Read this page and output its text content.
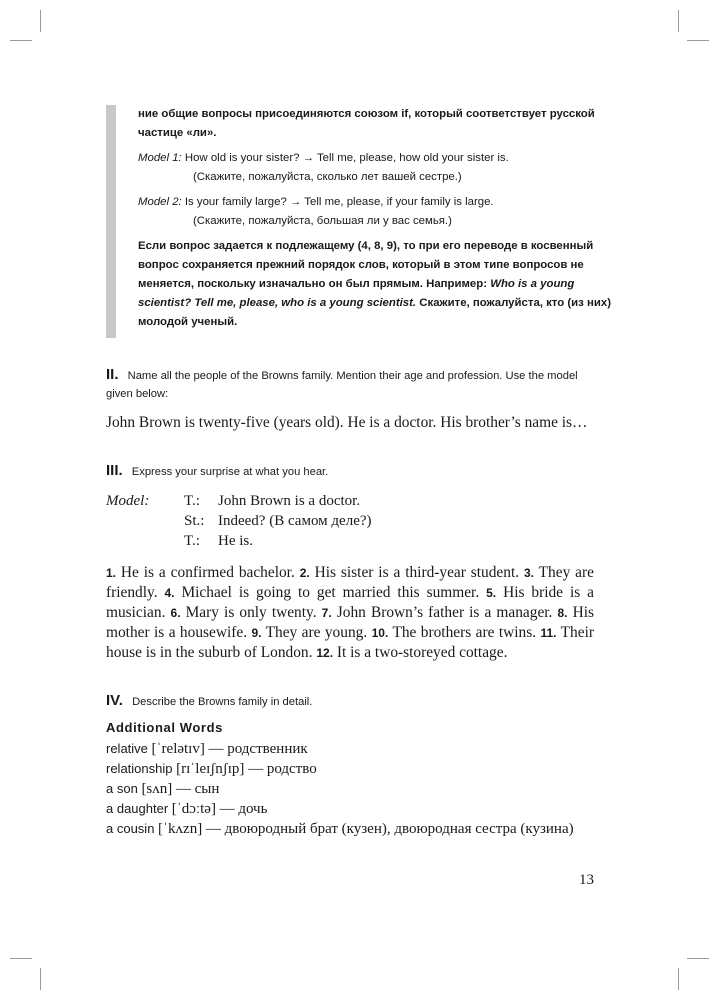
ние общие вопросы присоединяются союзом if, который соответствует русской частице «ли».

Model 1: How old is your sister? → Tell me, please, how old your sister is.
(Скажите, пожалуйста, сколько лет вашей сестре.)
Model 2: Is your family large? → Tell me, please, if your family is large.
(Скажите, пожалуйста, большая ли у вас семья.)

Если вопрос задается к подлежащему (4, 8, 9), то при его переводе в косвенный вопрос сохраняется прежний порядок слов, который в этом типе вопросов не меняется, поскольку изначально он был прямым. Например: Who is a young scientist? Tell me, please, who is a young scientist. Скажите, пожалуйста, кто (из них) молодой ученый.

II. Name all the people of the Browns family. Mention their age and profession. Use the model given below:
John Brown is twenty-five (years old). He is a doctor. His brother’s name is…
III. Express your surprise at what you hear.
Model:	T.:	John Brown is a doctor.
St.: Indeed? (В самом деле?)
T.:	He is.
1. He is a confirmed bachelor. 2. His sister is a third-year student. 3. They are friendly. 4. Michael is going to get married this summer. 5. His bride is a musician. 6. Mary is only twenty. 7. John Brown’s father is a manager. 8. His mother is a housewife. 9. They are young. 10. The brothers are twins. 11. Their house is in the suburb of London. 12. It is a two-storeyed cottage.
IV. Describe the Browns family in detail.
Additional Words
relative [ˈrelətɪv] — родственник
relationship [rɪˈleɪʃnʃɪp] — родство
a son [sʌn] — сын
a daughter [ˈdɔːtə] — дочь
a cousin [ˈkʌzn] — двоюродный брат (кузен), двоюродная сестра (кузина)
13
